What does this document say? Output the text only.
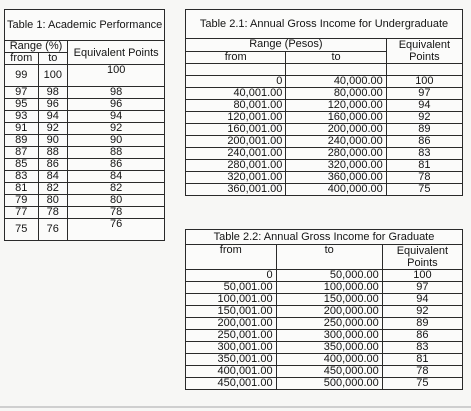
Table 1: Academic Performance		
Range (%)		Equivalent Points
from	to	
99	100	100
97	98	98
95	96	96
93	94	94
91	92	92
89	90	90
87	88	88
85	86	86
83	84	84
81	82	82
79	80	80
77	78	78
75	76	76
Table 2.1: Annual Gross Income for Undergraduate		
Range (Pesos)		Equivalent Points
from	to	

0	40,000.00	100
40,001.00	80,000.00	97
80,001.00	120,000.00	94
120,001.00	160,000.00	92
160,001.00	200,000.00	89
200,001.00	240,000.00	86
240,001.00	280,000.00	83
280,001.00	320,000.00	81
320,001.00	360,000.00	78
360,001.00	400,000.00	75
Table 2.2: Annual Gross Income for Graduate		
from	to	Equivalent Points
0	50,000.00	100
50,001.00	100,000.00	97
100,001.00	150,000.00	94
150,001.00	200,000.00	92
200,001.00	250,000.00	89
250,001.00	300,000.00	86
300,001.00	350,000.00	83
350,001.00	400,000.00	81
400,001.00	450,000.00	78
450,001.00	500,000.00	75
